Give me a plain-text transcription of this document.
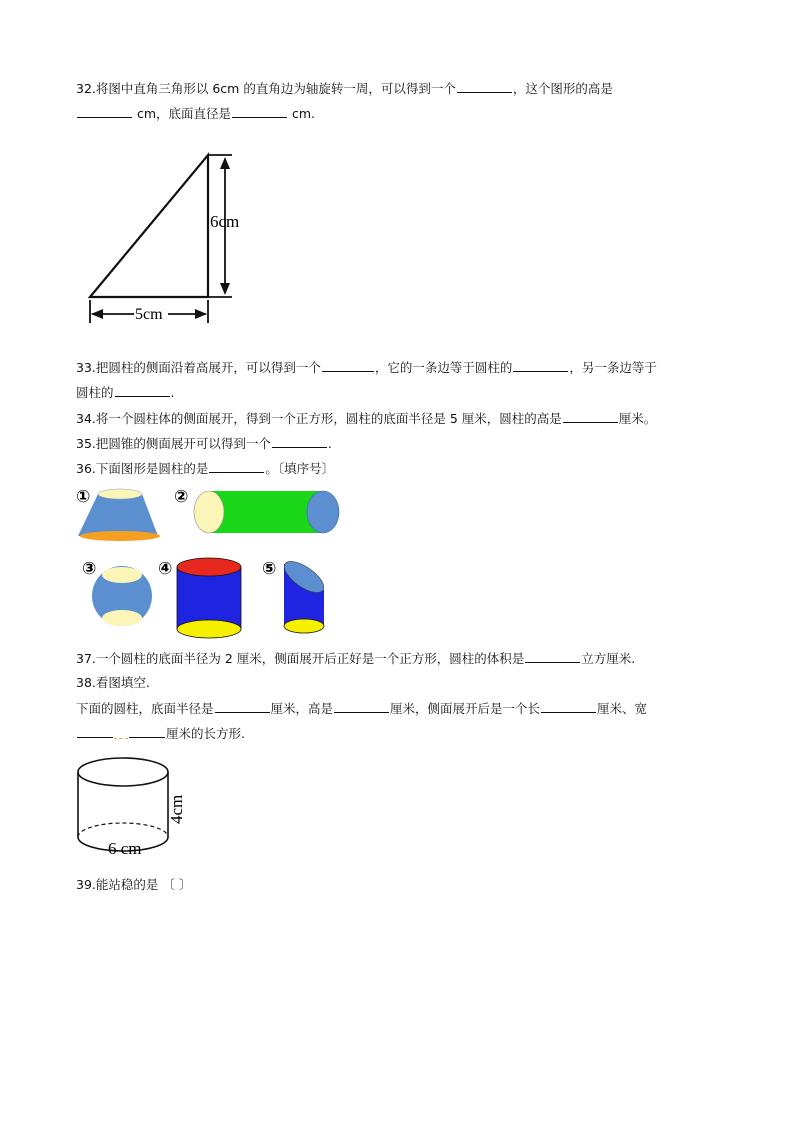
32.将图中直角三角形以 6cm 的直角边为轴旋转一周，可以得到一个	，这个图形的高是
cm，底面直径是	cm.
6cm
5cm
33.把圆柱的侧面沿着高展开，可以得到一个	，它的一条边等于圆柱的	，另一条边等于
圆柱的	.
34.将一个圆柱体的侧面展开，得到一个正方形，圆柱的底面半径是 5 厘米，圆柱的高是	厘米。
35.把圆锥的侧面展开可以得到一个	.
36.下面图形是圆柱的是	。〔填序号〕
①	②
③	④	⑤
37.一个圆柱的底面半径为 2 厘米，侧面展开后正好是一个正方形，圆柱的体积是	立方厘米.
38.看图填空.
下面的圆柱，底面半径是	厘米，高是	厘米，侧面展开后是一个长	厘米、宽
厘米的长方形.
6 cm
4cm
39.能站稳的是 〔 〕
